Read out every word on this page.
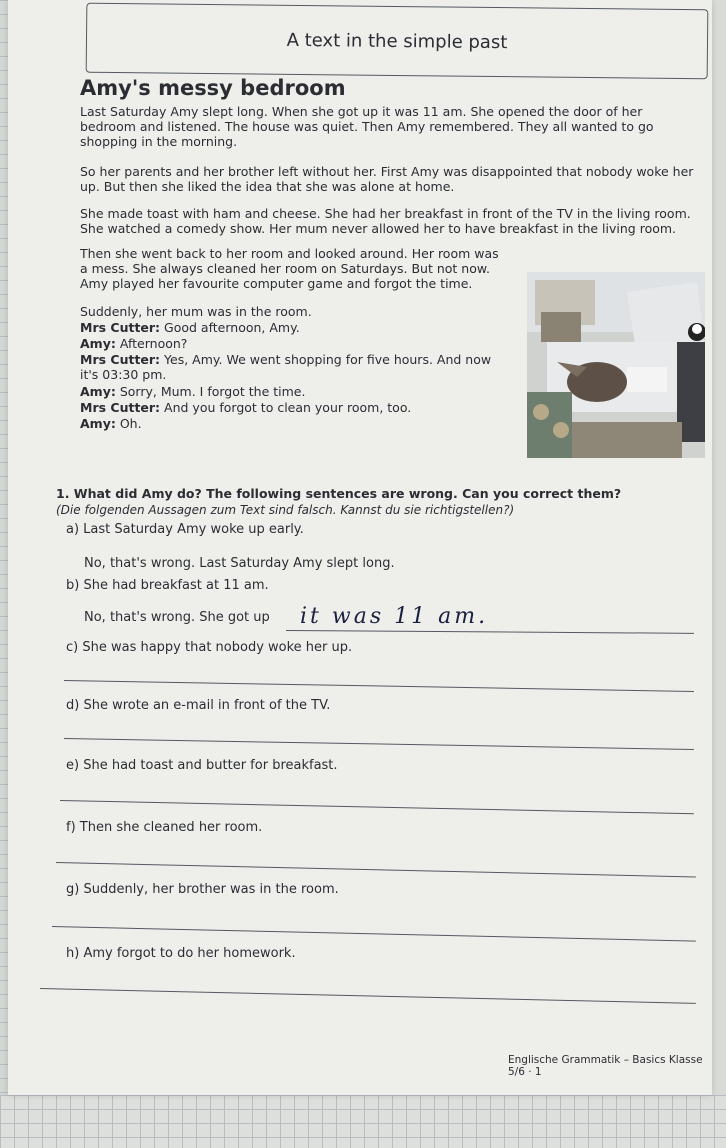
A text in the simple past
Amy's messy bedroom

Last Saturday Amy slept long. When she got up it was 11 am. She opened the door of her bedroom and listened. The house was quiet. Then Amy remembered. They all wanted to go shopping in the morning.

So her parents and her brother left without her. First Amy was disappointed that nobody woke her up. But then she liked the idea that she was alone at home.

She made toast with ham and cheese. She had her breakfast in front of the TV in the living room. She watched a comedy show. Her mum never allowed her to have breakfast in the living room.

Then she went back to her room and looked around. Her room was a mess. She always cleaned her room on Saturdays. But not now. Amy played her favourite computer game and forgot the time.

Suddenly, her mum was in the room.

Mrs Cutter: Good afternoon, Amy.

Amy: Afternoon?

Mrs Cutter: Yes, Amy. We went shopping for five hours. And now it's 03:30 pm.

Amy: Sorry, Mum. I forgot the time.

Mrs Cutter: And you forgot to clean your room, too.

Amy: Oh.

1. What did Amy do? The following sentences are wrong. Can you correct them?
(Die folgenden Aussagen zum Text sind falsch. Kannst du sie richtigstellen?)
a) Last Saturday Amy woke up early.
No, that's wrong. Last Saturday Amy slept long.
b) She had breakfast at 11 am.
No, that's wrong. She got up it was 11 am.
c) She was happy that nobody woke her up.
d) She wrote an e-mail in front of the TV.
e) She had toast and butter for breakfast.
f) Then she cleaned her room.
g) Suddenly, her brother was in the room.
h) Amy forgot to do her homework.
Englische Grammatik – Basics Klasse 5/6 · 1
